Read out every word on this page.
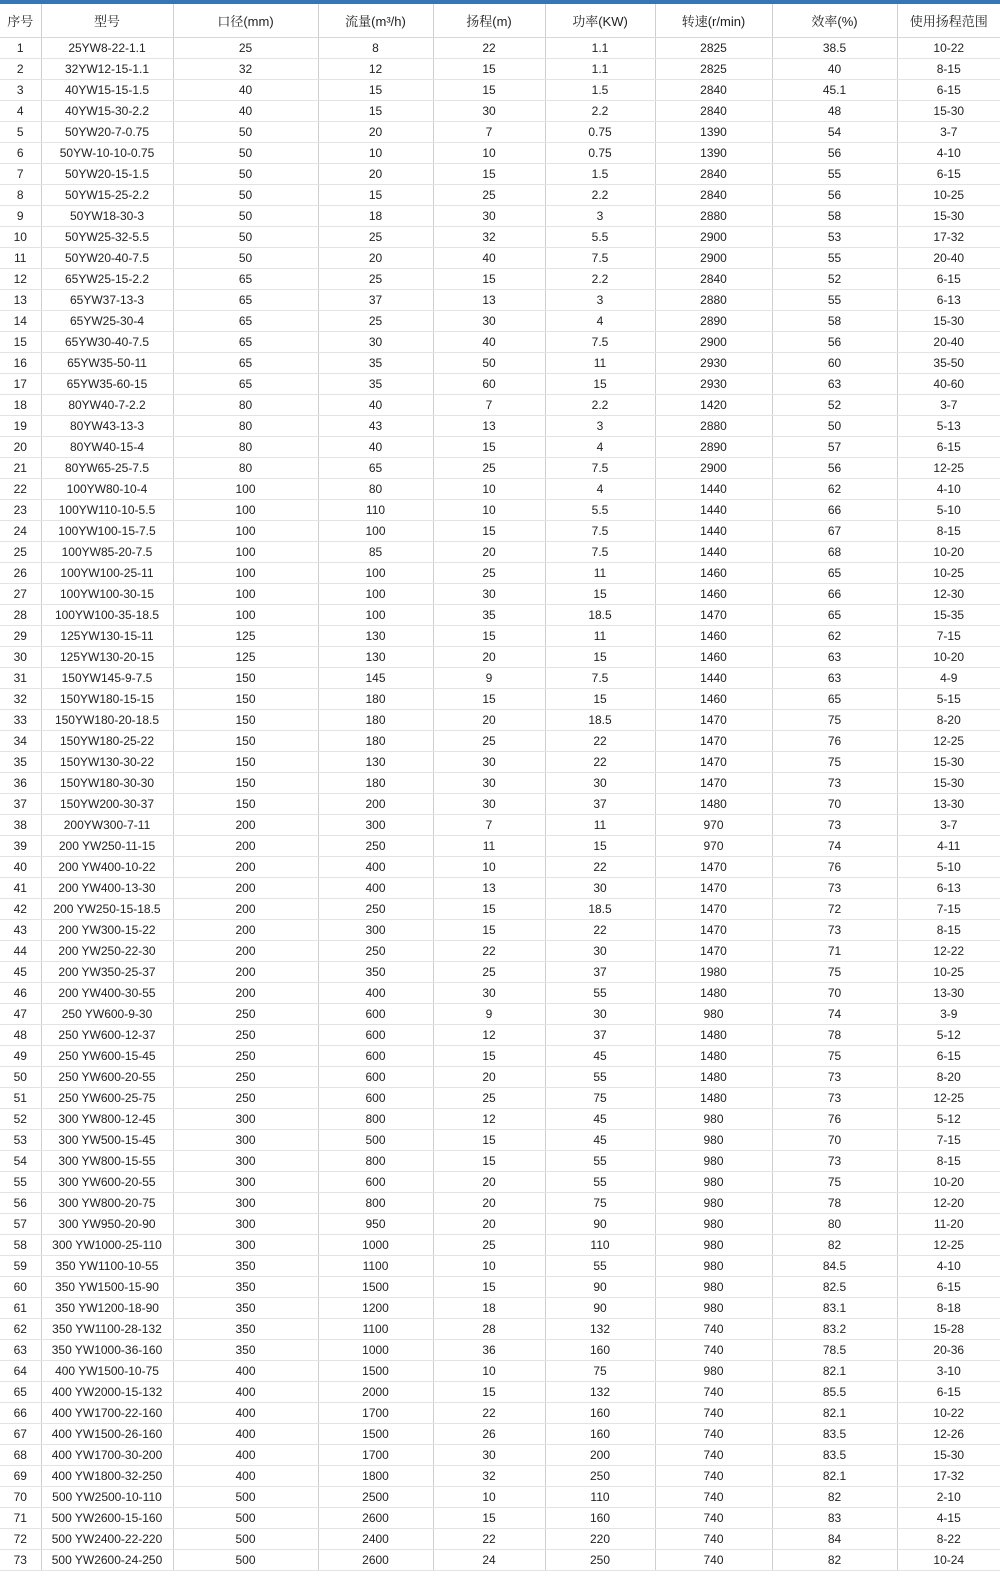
序号	型号	口径(mm)	流量(m³/h)	扬程(m)	功率(KW)	转速(r/min)	效率(%)	使用扬程范围
1	25YW8-22-1.1	25	8	22	1.1	2825	38.5	10-22
2	32YW12-15-1.1	32	12	15	1.1	2825	40	8-15
3	40YW15-15-1.5	40	15	15	1.5	2840	45.1	6-15
4	40YW15-30-2.2	40	15	30	2.2	2840	48	15-30
5	50YW20-7-0.75	50	20	7	0.75	1390	54	3-7
6	50YW-10-10-0.75	50	10	10	0.75	1390	56	4-10
7	50YW20-15-1.5	50	20	15	1.5	2840	55	6-15
8	50YW15-25-2.2	50	15	25	2.2	2840	56	10-25
9	50YW18-30-3	50	18	30	3	2880	58	15-30
10	50YW25-32-5.5	50	25	32	5.5	2900	53	17-32
11	50YW20-40-7.5	50	20	40	7.5	2900	55	20-40
12	65YW25-15-2.2	65	25	15	2.2	2840	52	6-15
13	65YW37-13-3	65	37	13	3	2880	55	6-13
14	65YW25-30-4	65	25	30	4	2890	58	15-30
15	65YW30-40-7.5	65	30	40	7.5	2900	56	20-40
16	65YW35-50-11	65	35	50	11	2930	60	35-50
17	65YW35-60-15	65	35	60	15	2930	63	40-60
18	80YW40-7-2.2	80	40	7	2.2	1420	52	3-7
19	80YW43-13-3	80	43	13	3	2880	50	5-13
20	80YW40-15-4	80	40	15	4	2890	57	6-15
21	80YW65-25-7.5	80	65	25	7.5	2900	56	12-25
22	100YW80-10-4	100	80	10	4	1440	62	4-10
23	100YW110-10-5.5	100	110	10	5.5	1440	66	5-10
24	100YW100-15-7.5	100	100	15	7.5	1440	67	8-15
25	100YW85-20-7.5	100	85	20	7.5	1440	68	10-20
26	100YW100-25-11	100	100	25	11	1460	65	10-25
27	100YW100-30-15	100	100	30	15	1460	66	12-30
28	100YW100-35-18.5	100	100	35	18.5	1470	65	15-35
29	125YW130-15-11	125	130	15	11	1460	62	7-15
30	125YW130-20-15	125	130	20	15	1460	63	10-20
31	150YW145-9-7.5	150	145	9	7.5	1440	63	4-9
32	150YW180-15-15	150	180	15	15	1460	65	5-15
33	150YW180-20-18.5	150	180	20	18.5	1470	75	8-20
34	150YW180-25-22	150	180	25	22	1470	76	12-25
35	150YW130-30-22	150	130	30	22	1470	75	15-30
36	150YW180-30-30	150	180	30	30	1470	73	15-30
37	150YW200-30-37	150	200	30	37	1480	70	13-30
38	200YW300-7-11	200	300	7	11	970	73	3-7
39	200 YW250-11-15	200	250	11	15	970	74	4-11
40	200 YW400-10-22	200	400	10	22	1470	76	5-10
41	200 YW400-13-30	200	400	13	30	1470	73	6-13
42	200 YW250-15-18.5	200	250	15	18.5	1470	72	7-15
43	200 YW300-15-22	200	300	15	22	1470	73	8-15
44	200 YW250-22-30	200	250	22	30	1470	71	12-22
45	200 YW350-25-37	200	350	25	37	1980	75	10-25
46	200 YW400-30-55	200	400	30	55	1480	70	13-30
47	250 YW600-9-30	250	600	9	30	980	74	3-9
48	250 YW600-12-37	250	600	12	37	1480	78	5-12
49	250 YW600-15-45	250	600	15	45	1480	75	6-15
50	250 YW600-20-55	250	600	20	55	1480	73	8-20
51	250 YW600-25-75	250	600	25	75	1480	73	12-25
52	300 YW800-12-45	300	800	12	45	980	76	5-12
53	300 YW500-15-45	300	500	15	45	980	70	7-15
54	300 YW800-15-55	300	800	15	55	980	73	8-15
55	300 YW600-20-55	300	600	20	55	980	75	10-20
56	300 YW800-20-75	300	800	20	75	980	78	12-20
57	300 YW950-20-90	300	950	20	90	980	80	11-20
58	300 YW1000-25-110	300	1000	25	110	980	82	12-25
59	350 YW1100-10-55	350	1100	10	55	980	84.5	4-10
60	350 YW1500-15-90	350	1500	15	90	980	82.5	6-15
61	350 YW1200-18-90	350	1200	18	90	980	83.1	8-18
62	350 YW1100-28-132	350	1100	28	132	740	83.2	15-28
63	350 YW1000-36-160	350	1000	36	160	740	78.5	20-36
64	400 YW1500-10-75	400	1500	10	75	980	82.1	3-10
65	400 YW2000-15-132	400	2000	15	132	740	85.5	6-15
66	400 YW1700-22-160	400	1700	22	160	740	82.1	10-22
67	400 YW1500-26-160	400	1500	26	160	740	83.5	12-26
68	400 YW1700-30-200	400	1700	30	200	740	83.5	15-30
69	400 YW1800-32-250	400	1800	32	250	740	82.1	17-32
70	500 YW2500-10-110	500	2500	10	110	740	82	2-10
71	500 YW2600-15-160	500	2600	15	160	740	83	4-15
72	500 YW2400-22-220	500	2400	22	220	740	84	8-22
73	500 YW2600-24-250	500	2600	24	250	740	82	10-24
